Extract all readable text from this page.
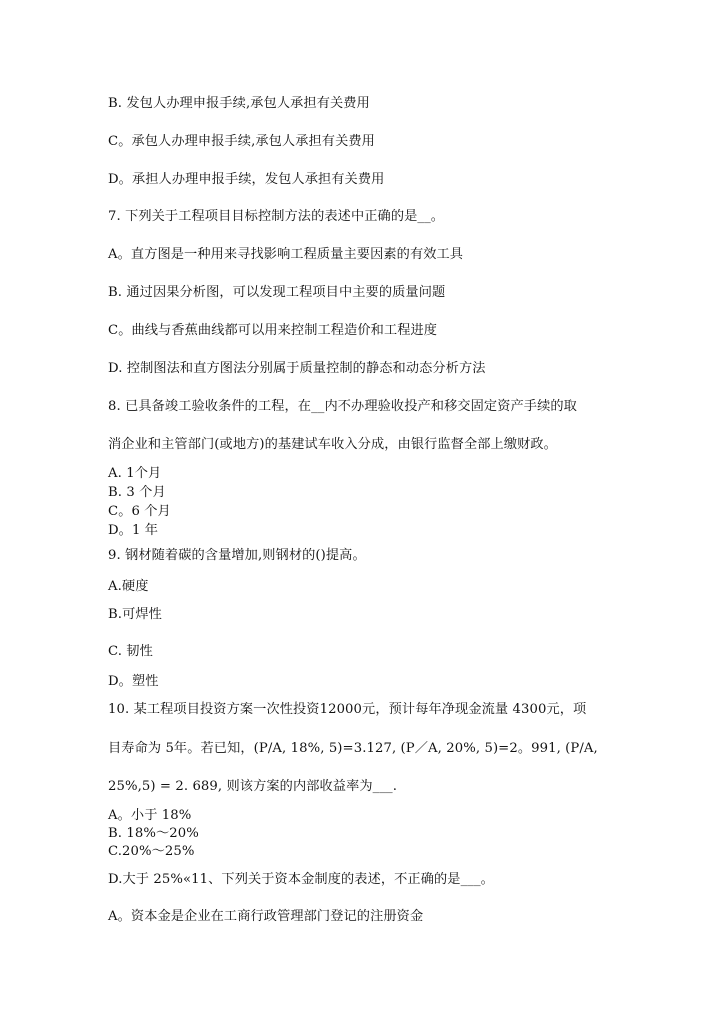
B. 发包人办理申报手续,承包人承担有关费用
C。承包人办理申报手续,承包人承担有关费用
D。承担人办理申报手续，发包人承担有关费用
7. 下列关于工程项目目标控制方法的表述中正确的是__。
A。直方图是一种用来寻找影响工程质量主要因素的有效工具
B. 通过因果分析图，可以发现工程项目中主要的质量问题
C。曲线与香蕉曲线都可以用来控制工程造价和工程进度
D. 控制图法和直方图法分别属于质量控制的静态和动态分析方法
8. 已具备竣工验收条件的工程，在__内不办理验收投产和移交固定资产手续的取
消企业和主管部门(或地方)的基建试车收入分成，由银行监督全部上缴财政。
A. 1个月
B. 3 个月
C。6 个月
D。1 年
9. 钢材随着碳的含量增加,则钢材的()提高。
A.硬度
B.可焊性
C. 韧性
D。塑性
10. 某工程项目投资方案一次性投资12000元，预计每年净现金流量 4300元，项
目寿命为 5年。若已知，(P/A, 18%, 5)=3.127, (P／A, 20%, 5)=2。991, (P/A,
25%,5) = 2. 689, 则该方案的内部收益率为___.
A。小于 18%
B. 18%～20%
C.20%～25%
D.大于 25%«11、下列关于资本金制度的表述，不正确的是___。
A。资本金是企业在工商行政管理部门登记的注册资金
